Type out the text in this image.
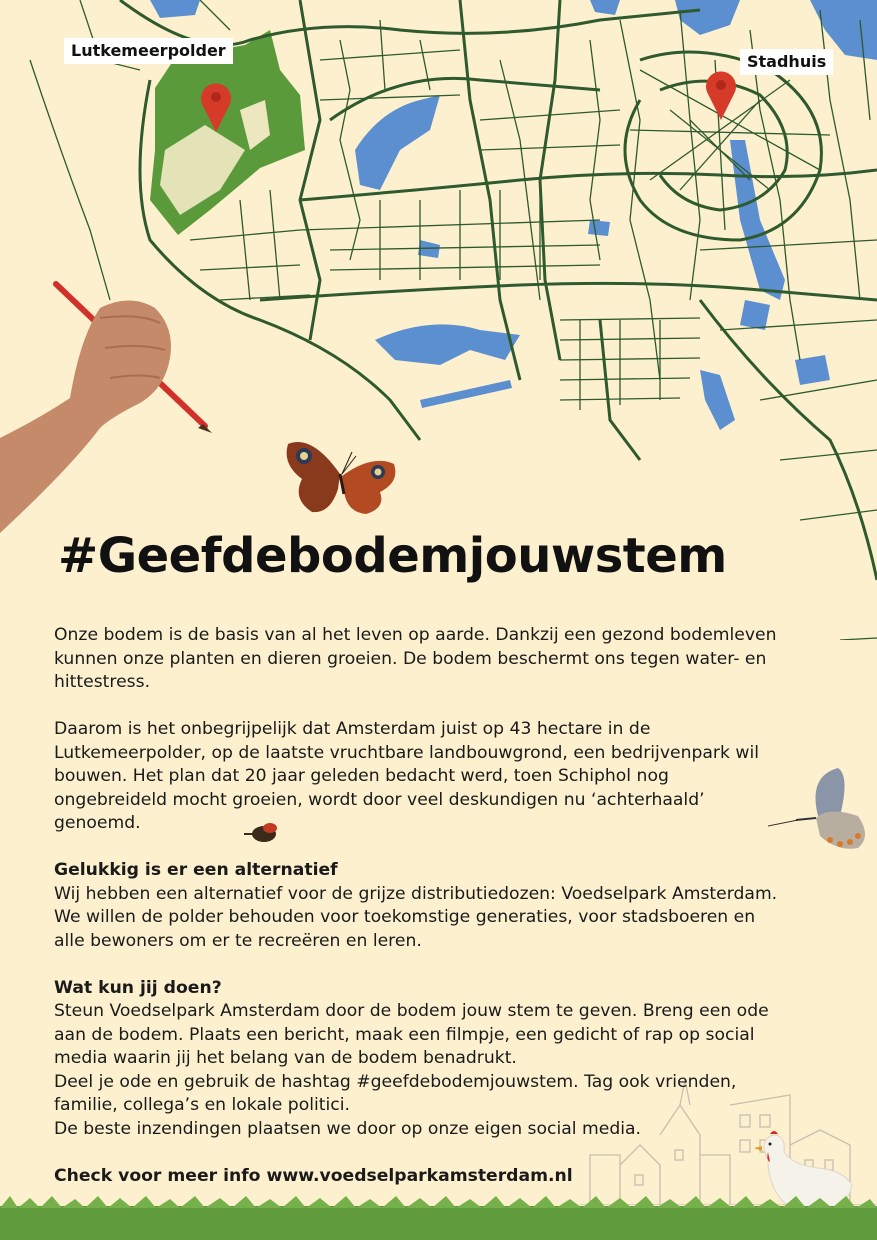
Lutkemeerpolder
Stadhuis
#Geefdebodemjouwstem

Onze bodem is de basis van al het leven op aarde. Dankzij een gezond bodemleven
kunnen onze planten en dieren groeien. De bodem beschermt ons tegen water- en
hittestress.

Daarom is het onbegrijpelijk dat Amsterdam juist op 43 hectare in de
Lutkemeerpolder, op de laatste vruchtbare landbouwgrond, een bedrijvenpark wil
bouwen. Het plan dat 20 jaar geleden bedacht werd, toen Schiphol nog
ongebreideld mocht groeien, wordt door veel deskundigen nu ‘achterhaald’
genoemd.

Gelukkig is er een alternatief
Wij hebben een alternatief voor de grijze distributiedozen: Voedselpark Amsterdam.
We willen de polder behouden voor toekomstige generaties, voor stadsboeren en
alle bewoners om er te recreëren en leren.

Wat kun jij doen?
Steun Voedselpark Amsterdam door de bodem jouw stem te geven. Breng een ode
aan de bodem. Plaats een bericht, maak een filmpje, een gedicht of rap op social
media waarin jij het belang van de bodem benadrukt.
Deel je ode en gebruik de hashtag #geefdebodemjouwstem. Tag ook vrienden,
familie, collega’s en lokale politici.
De beste inzendingen plaatsen we door op onze eigen social media.

Check voor meer info www.voedselparkamsterdam.nl
